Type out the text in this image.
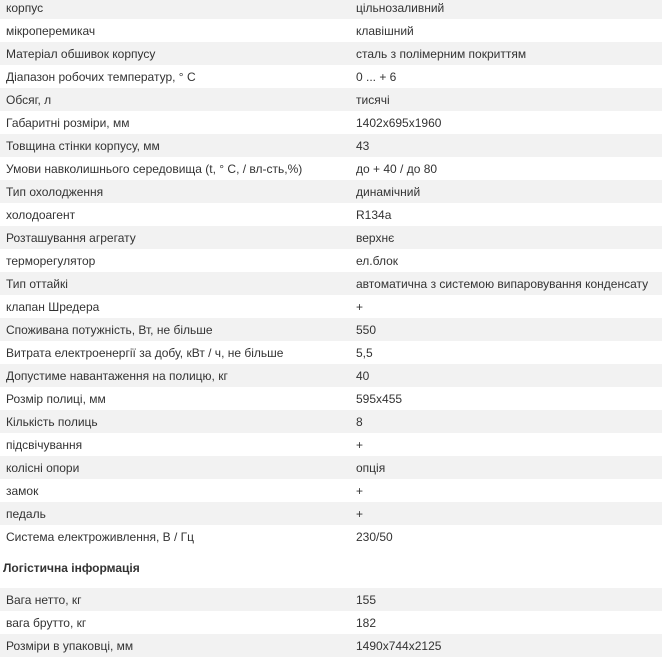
корпус	цільнозаливний
мікроперемикач	клавішний
Матеріал обшивок корпусу	сталь з полімерним покриттям
Діапазон робочих температур, ° С	0 ... + 6
Обсяг, л	тисячі
Габаритні розміри, мм	1402x695x1960
Товщина стінки корпусу, мм	43
Умови навколишнього середовища (t, ° C, / вл-сть,%)	до + 40 / до 80
Тип охолодження	динамічний
холодоагент	R134a
Розташування агрегату	верхнє
терморегулятор	ел.блок
Тип оттайкі	автоматична з системою випаровування конденсату
клапан Шредера	+
Споживана потужність, Вт, не більше	550
Витрата електроенергії за добу, кВт / ч, не більше	5,5
Допустиме навантаження на полицю, кг	40
Розмір полиці, мм	595x455
Кількість полиць	8
підсвічування	+
колісні опори	опція
замок	+
педаль	+
Система електроживлення, В / Гц	230/50
Логістична інформація
Вага нетто, кг	155
вага брутто, кг	182
Розміри в упаковці, мм	1490x744x2125
